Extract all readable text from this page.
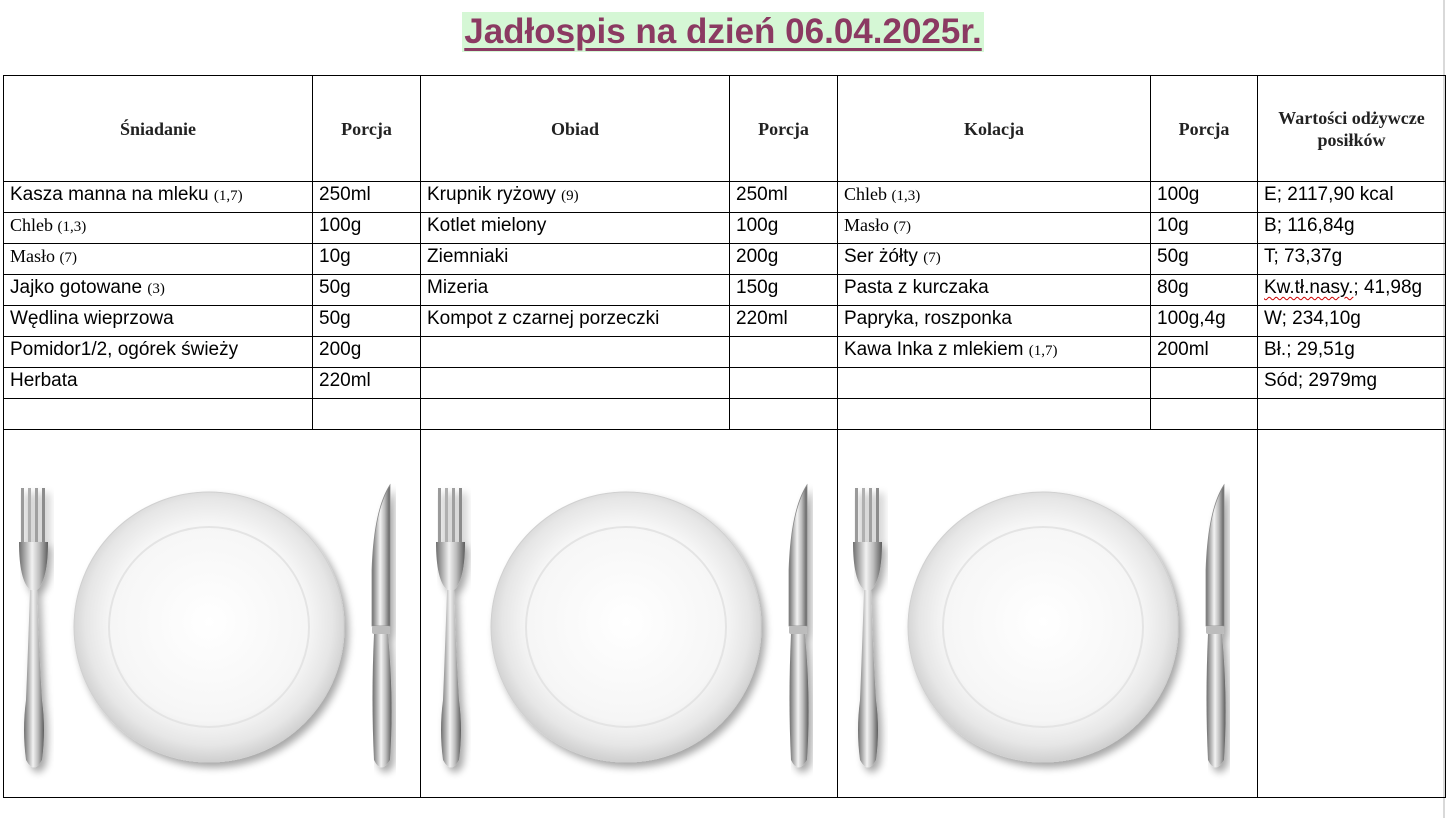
Jadłospis na dzień 06.04.2025r.
Śniadanie	Porcja	Obiad	Porcja	Kolacja	Porcja	Wartości odżywcze posiłków
Kasza manna na mleku (1,7)	250ml	Krupnik ryżowy (9)	250ml	Chleb (1,3)	100g	E; 2117,90 kcal
Chleb (1,3)	100g	Kotlet mielony	100g	Masło (7)	10g	B; 116,84g
Masło (7)	10g	Ziemniaki	200g	Ser żółty (7)	50g	T; 73,37g
Jajko gotowane (3)	50g	Mizeria	150g	Pasta z kurczaka	80g	Kw.tł.nasy.; 41,98g
Wędlina wieprzowa	50g	Kompot z czarnej porzeczki	220ml	Papryka, roszponka	100g,4g	W; 234,10g
Pomidor1/2, ogórek świeży	200g			Kawa Inka z mlekiem (1,7)	200ml	Bł.; 29,51g
Herbata	220ml					Sód; 2979mg
